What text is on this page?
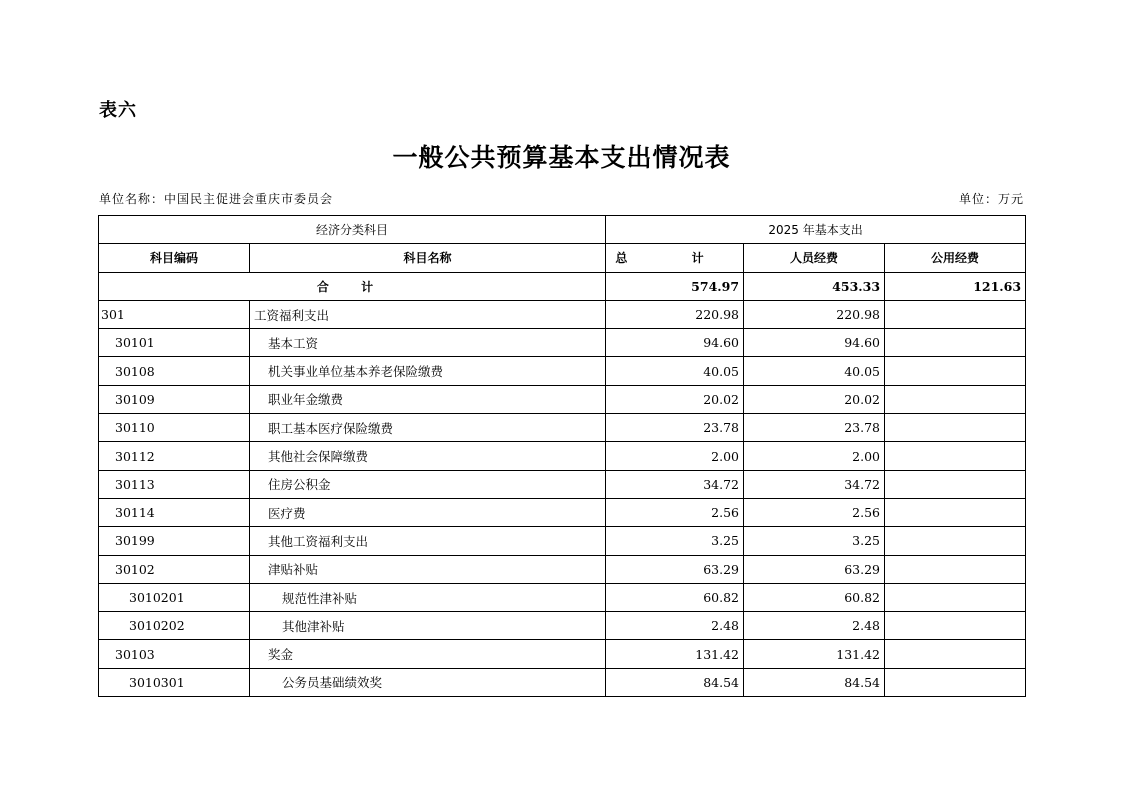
表六
一般公共预算基本支出情况表
单位名称：中国民主促进会重庆市委员会	单位：万元
经济分类科目		2025 年基本支出		
科目编码	科目名称	总 计	人员经费	公用经费
合 计		574.97	453.33	121.63
301	工资福利支出	220.98	220.98	
30101	基本工资	94.60	94.60	
30108	机关事业单位基本养老保险缴费	40.05	40.05	
30109	职业年金缴费	20.02	20.02	
30110	职工基本医疗保险缴费	23.78	23.78	
30112	其他社会保障缴费	2.00	2.00	
30113	住房公积金	34.72	34.72	
30114	医疗费	2.56	2.56	
30199	其他工资福利支出	3.25	3.25	
30102	津贴补贴	63.29	63.29	
3010201	规范性津补贴	60.82	60.82	
3010202	其他津补贴	2.48	2.48	
30103	奖金	131.42	131.42	
3010301	公务员基础绩效奖	84.54	84.54	
